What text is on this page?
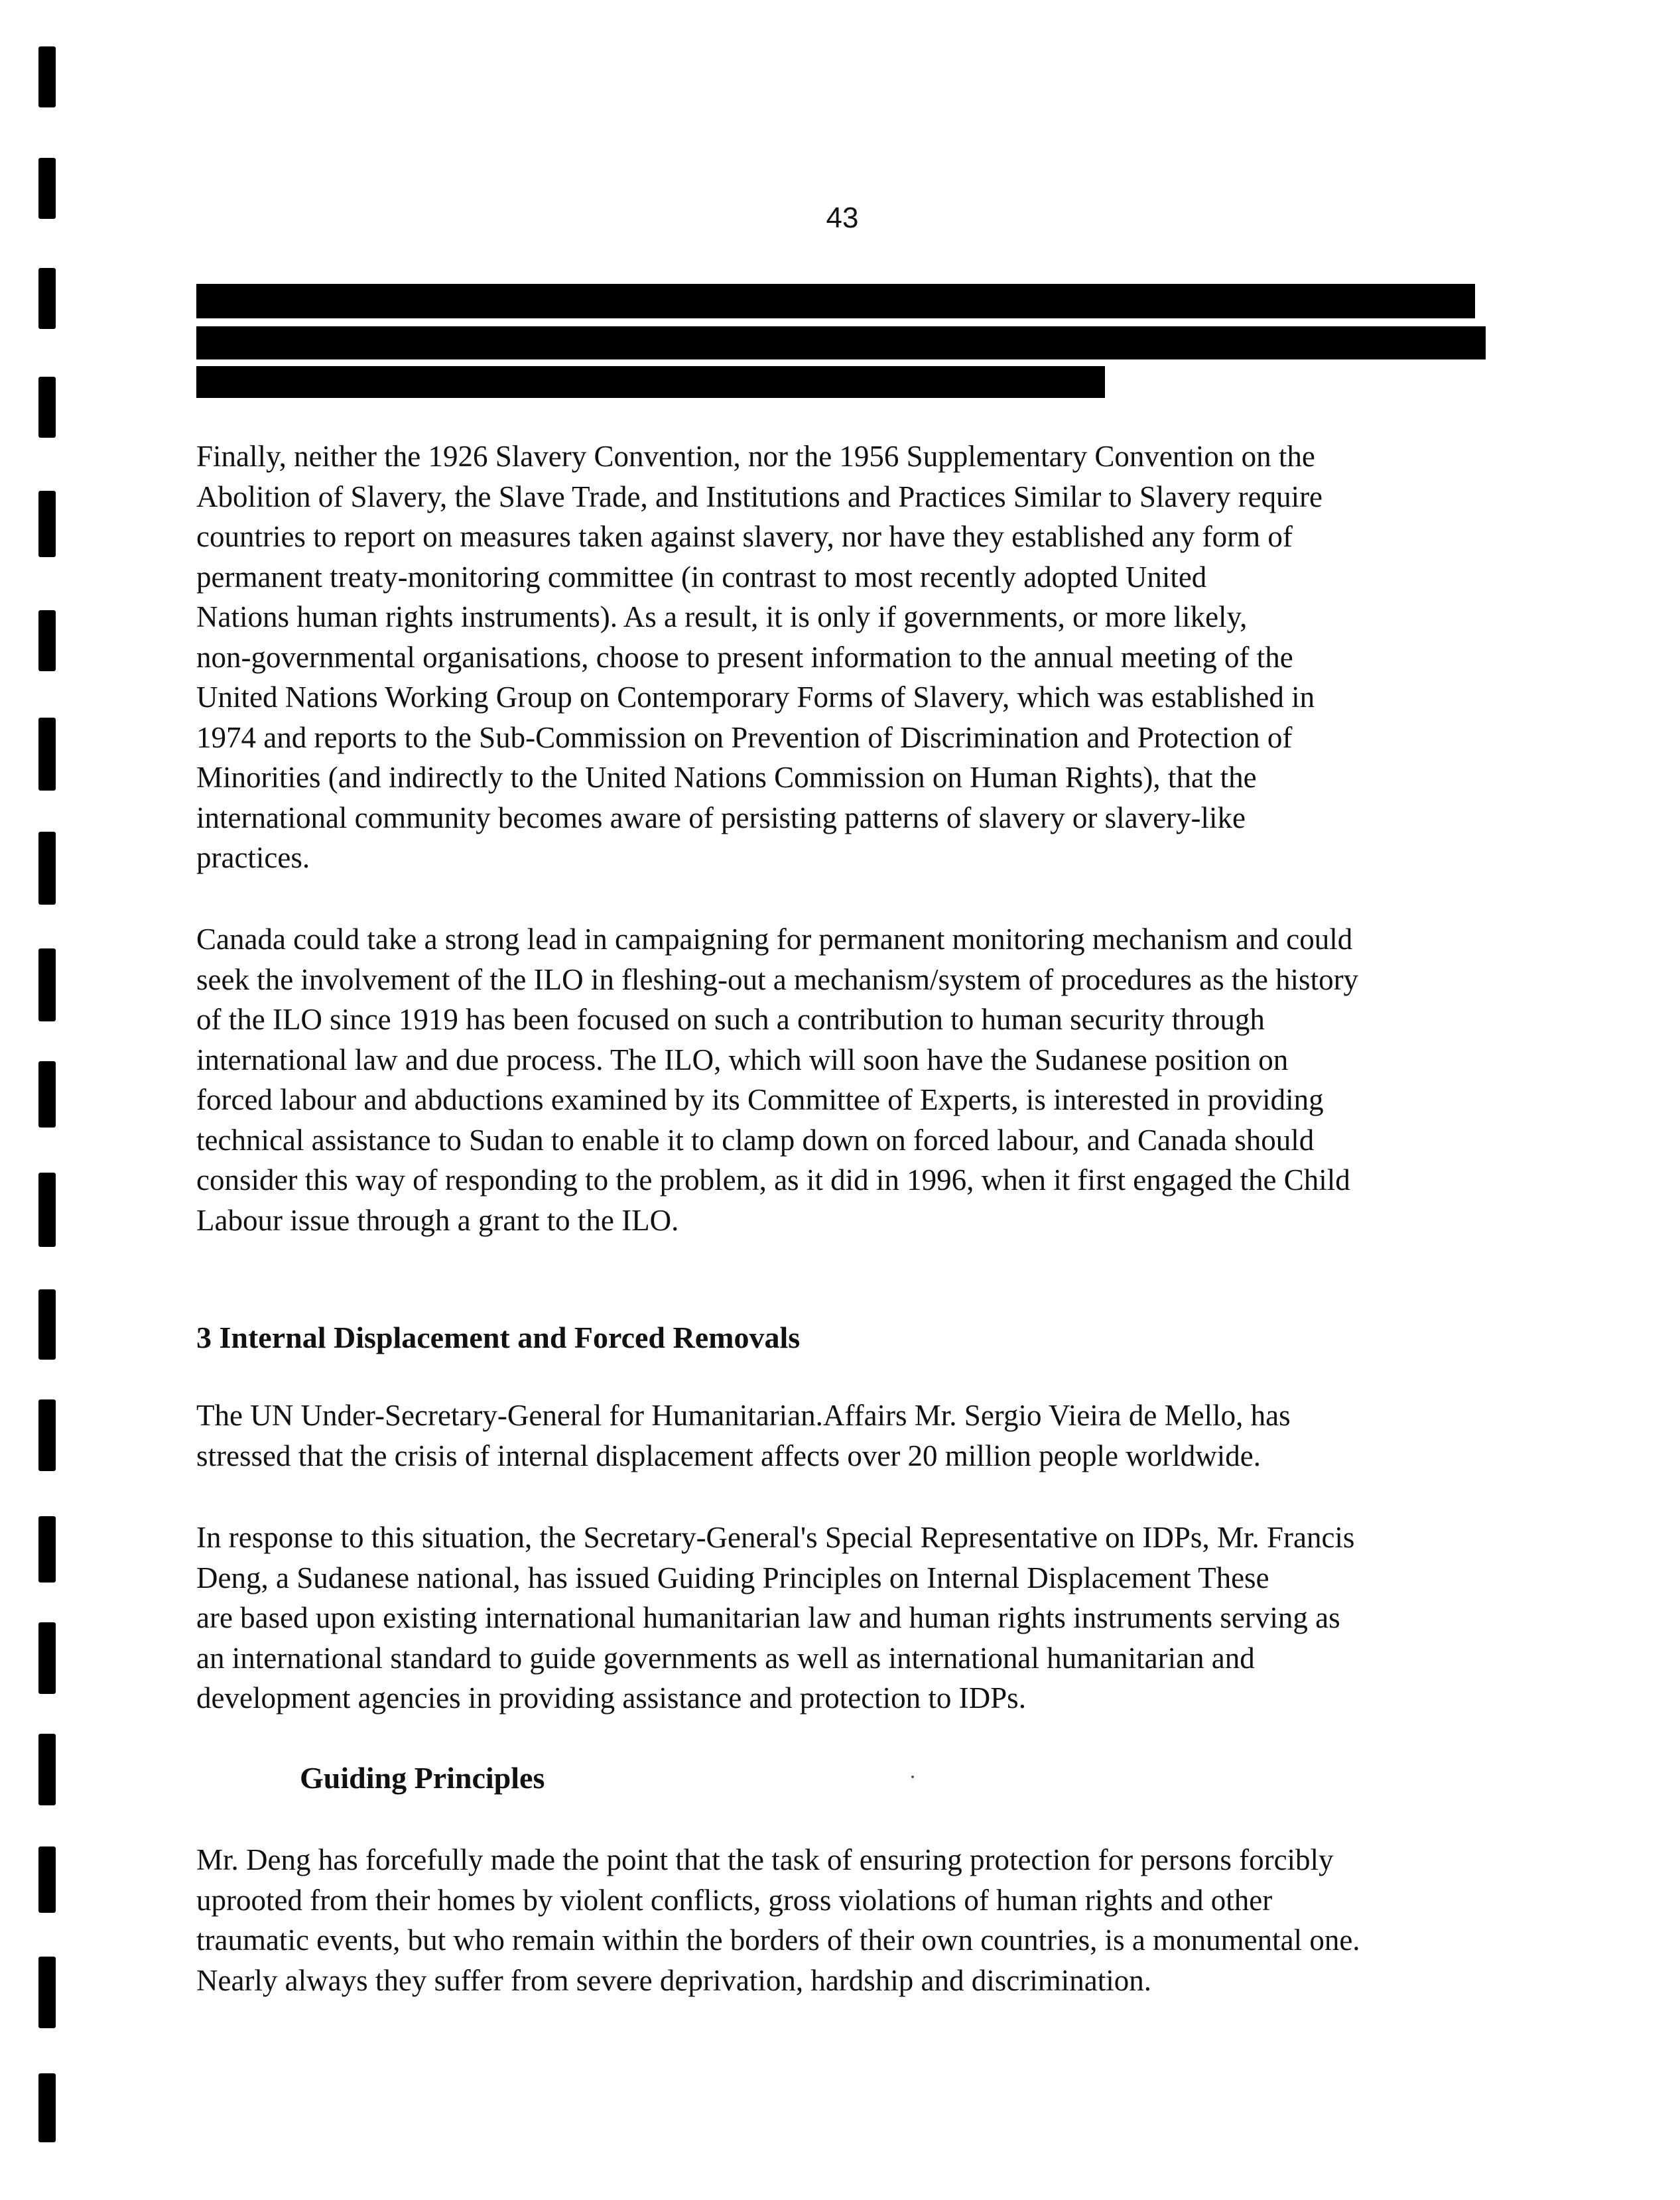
43
Finally, neither the 1926 Slavery Convention, nor the 1956 Supplementary Convention on the
Abolition of Slavery, the Slave Trade, and Institutions and Practices Similar to Slavery require
countries to report on measures taken against slavery, nor have they established any form of
permanent treaty-monitoring committee (in contrast to most recently adopted United
Nations human rights instruments). As a result, it is only if governments, or more likely,
non-governmental organisations, choose to present information to the annual meeting of the
United Nations Working Group on Contemporary Forms of Slavery, which was established in
1974 and reports to the Sub-Commission on Prevention of Discrimination and Protection of
Minorities (and indirectly to the United Nations Commission on Human Rights), that the
international community becomes aware of persisting patterns of slavery or slavery-like
practices.
Canada could take a strong lead in campaigning for permanent monitoring mechanism and could
seek the involvement of the ILO in fleshing-out a mechanism/system of procedures as the history
of the ILO since 1919 has been focused on such a contribution to human security through
international law and due process. The ILO, which will soon have the Sudanese position on
forced labour and abductions examined by its Committee of Experts, is interested in providing
technical assistance to Sudan to enable it to clamp down on forced labour, and Canada should
consider this way of responding to the problem, as it did in 1996, when it first engaged the Child
Labour issue through a grant to the ILO.
3 Internal Displacement and Forced Removals
The UN Under-Secretary-General for Humanitarian.Affairs Mr. Sergio Vieira de Mello, has
stressed that the crisis of internal displacement affects over 20 million people worldwide.
In response to this situation, the Secretary-General's Special Representative on IDPs, Mr. Francis
Deng, a Sudanese national, has issued Guiding Principles on Internal Displacement These
are based upon existing international humanitarian law and human rights instruments serving as
an international standard to guide governments as well as international humanitarian and
development agencies in providing assistance and protection to IDPs.
Guiding Principles
Mr. Deng has forcefully made the point that the task of ensuring protection for persons forcibly
uprooted from their homes by violent conflicts, gross violations of human rights and other
traumatic events, but who remain within the borders of their own countries, is a monumental one.
Nearly always they suffer from severe deprivation, hardship and discrimination.
